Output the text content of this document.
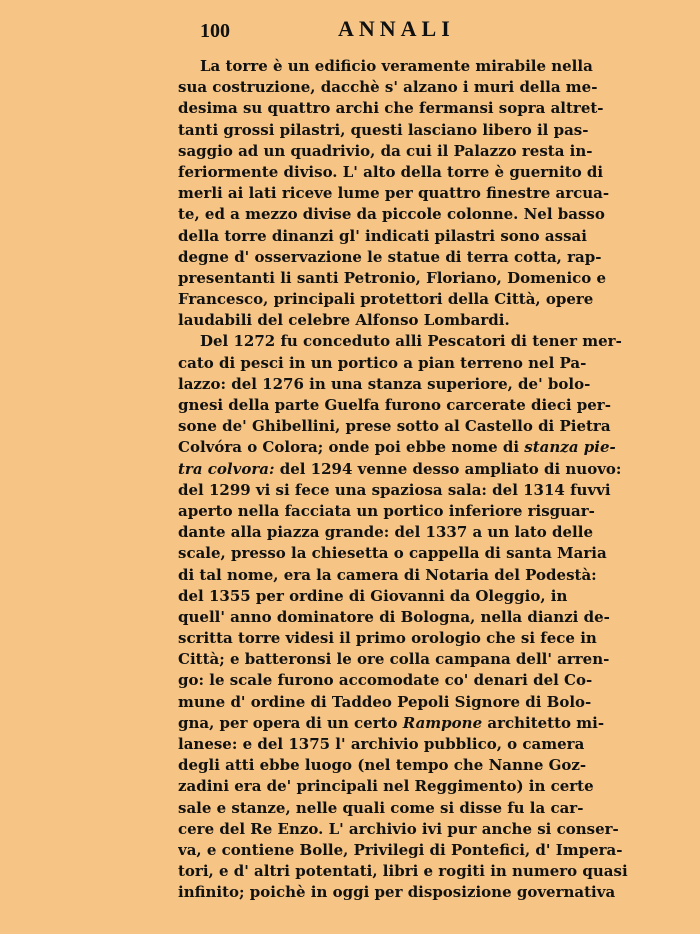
100	ANNALI
La torre è un edificio veramente mirabile nella
sua costruzione, dacchè s' alzano i muri della me-
desima su quattro archi che fermansi sopra altret-
tanti grossi pilastri, questi lasciano libero il pas-
saggio ad un quadrivio, da cui il Palazzo resta in-
feriormente diviso. L' alto della torre è guernito di
merli ai lati riceve lume per quattro finestre arcua-
te, ed a mezzo divise da piccole colonne. Nel basso
della torre dinanzi gl' indicati pilastri sono assai
degne d' osservazione le statue di terra cotta, rap-
presentanti li santi Petronio, Floriano, Domenico e
Francesco, principali protettori della Città, opere
laudabili del celebre Alfonso Lombardi.
Del 1272 fu conceduto alli Pescatori di tener mer-
cato di pesci in un portico a pian terreno nel Pa-
lazzo: del 1276 in una stanza superiore, de' bolo-
gnesi della parte Guelfa furono carcerate dieci per-
sone de' Ghibellini, prese sotto al Castello di Pietra
Colvóra o Colora; onde poi ebbe nome di stanza pie-
tra colvora: del 1294 venne desso ampliato di nuovo:
del 1299 vi si fece una spaziosa sala: del 1314 fuvvi
aperto nella facciata un portico inferiore risguar-
dante alla piazza grande: del 1337 a un lato delle
scale, presso la chiesetta o cappella di santa Maria
di tal nome, era la camera di Notaria del Podestà:
del 1355 per ordine di Giovanni da Oleggio, in
quell' anno dominatore di Bologna, nella dianzi de-
scritta torre videsi il primo orologio che si fece in
Città; e batteronsi le ore colla campana dell' arren-
go: le scale furono accomodate co' denari del Co-
mune d' ordine di Taddeo Pepoli Signore di Bolo-
gna, per opera di un certo Rampone architetto mi-
lanese: e del 1375 l' archivio pubblico, o camera
degli atti ebbe luogo (nel tempo che Nanne Goz-
zadini era de' principali nel Reggimento) in certe
sale e stanze, nelle quali come si disse fu la car-
cere del Re Enzo. L' archivio ivi pur anche si conser-
va, e contiene Bolle, Privilegi di Pontefici, d' Impera-
tori, e d' altri potentati, libri e rogiti in numero quasi
infinito; poichè in oggi per disposizione governativa
